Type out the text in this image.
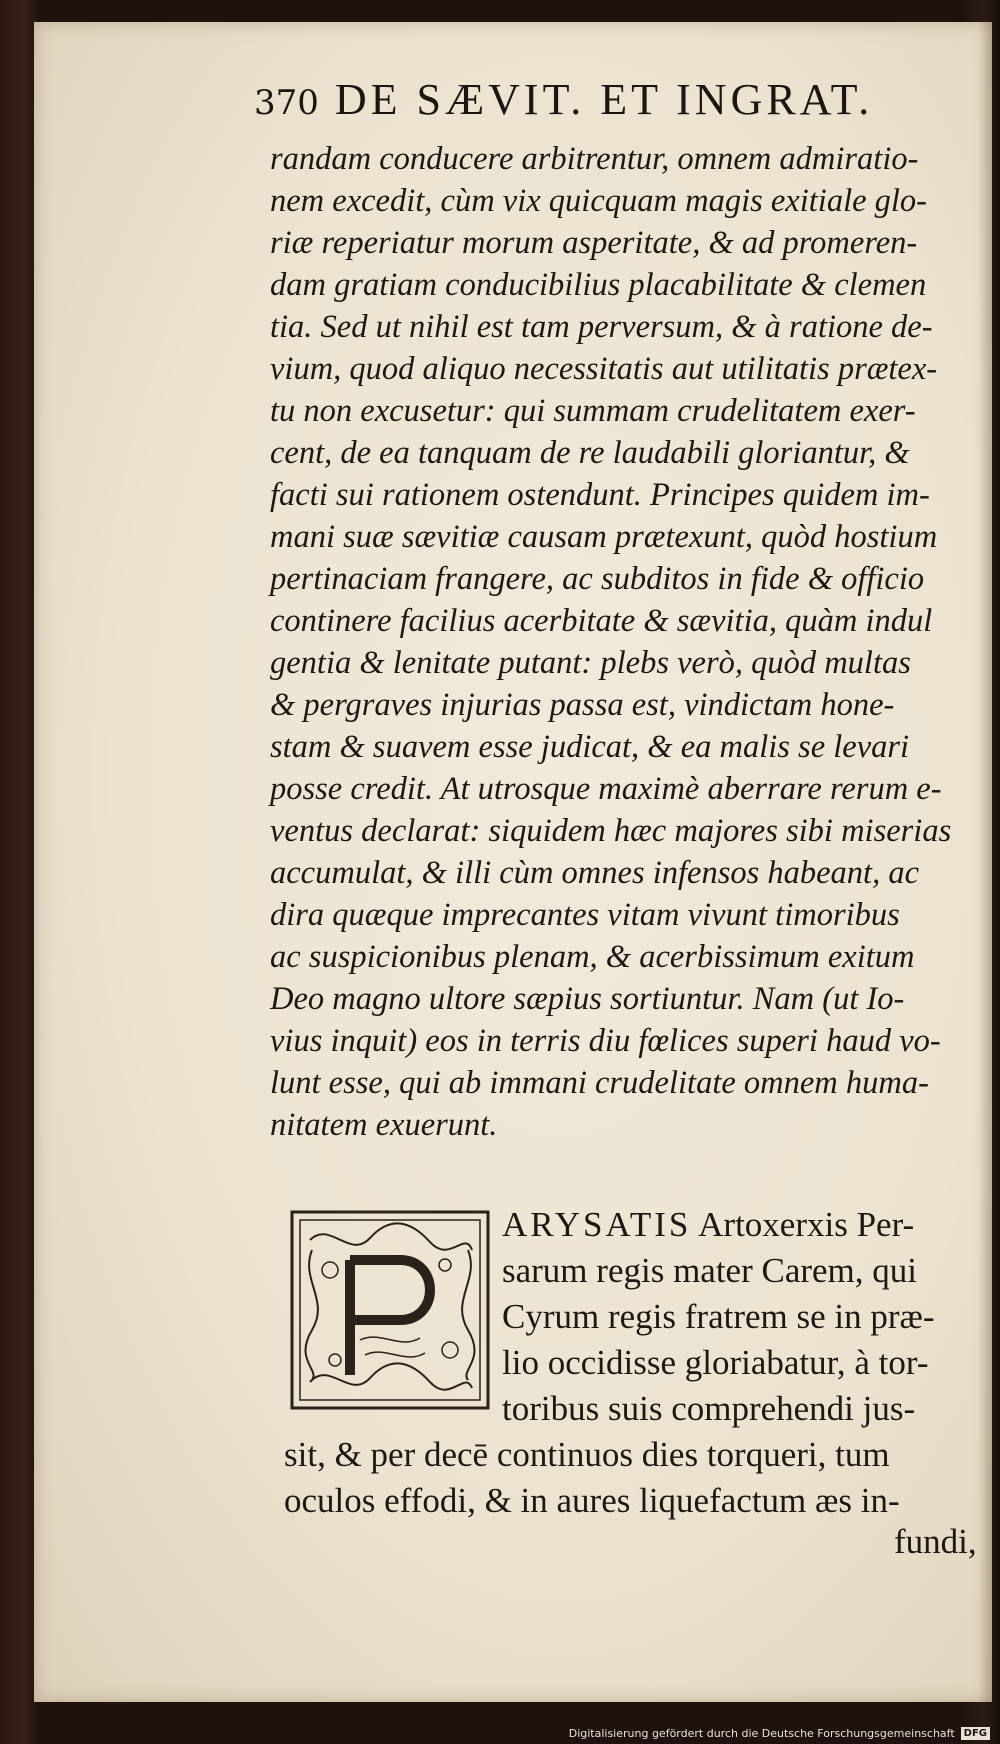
370 DE SÆVIT. ET INGRAT.
randam conducere arbitrentur, omnem admiratio-
nem excedit, cùm vix quicquam magis exitiale glo-
riæ reperiatur morum asperitate, & ad promeren-
dam gratiam conducibilius placabilitate & clemen
tia. Sed ut nihil est tam perversum, & à ratione de-
vium, quod aliquo necessitatis aut utilitatis prætex-
tu non excusetur: qui summam crudelitatem exer-
cent, de ea tanquam de re laudabili gloriantur, &
facti sui rationem ostendunt. Principes quidem im-
mani suæ sævitiæ causam prætexunt, quòd hostium
pertinaciam frangere, ac subditos in fide & officio
continere facilius acerbitate & sævitia, quàm indul
gentia & lenitate putant: plebs verò, quòd multas
& pergraves injurias passa est, vindictam hone-
stam & suavem esse judicat, & ea malis se levari
posse credit. At utrosque maximè aberrare rerum e-
ventus declarat: siquidem hæc majores sibi miserias
accumulat, & illi cùm omnes infensos habeant, ac
dira quæque imprecantes vitam vivunt timoribus
ac suspicionibus plenam, & acerbissimum exitum
Deo magno ultore sæpius sortiuntur. Nam (ut Io-
vius inquit) eos in terris diu fœlices superi haud vo-
lunt esse, qui ab immani crudelitate omnem huma-
nitatem exuerunt.
ARYSATIS Artoxerxis Per-
sarum regis mater Carem, qui
Cyrum regis fratrem se in præ-
lio occidisse gloriabatur, à tor-
toribus suis comprehendi jus-
sit, & per decē continuos dies torqueri, tum
oculos effodi, & in aures liquefactum æs in-
fundi,
Digitalisierung gefördert durch die Deutsche Forschungsgemeinschaft DFG
